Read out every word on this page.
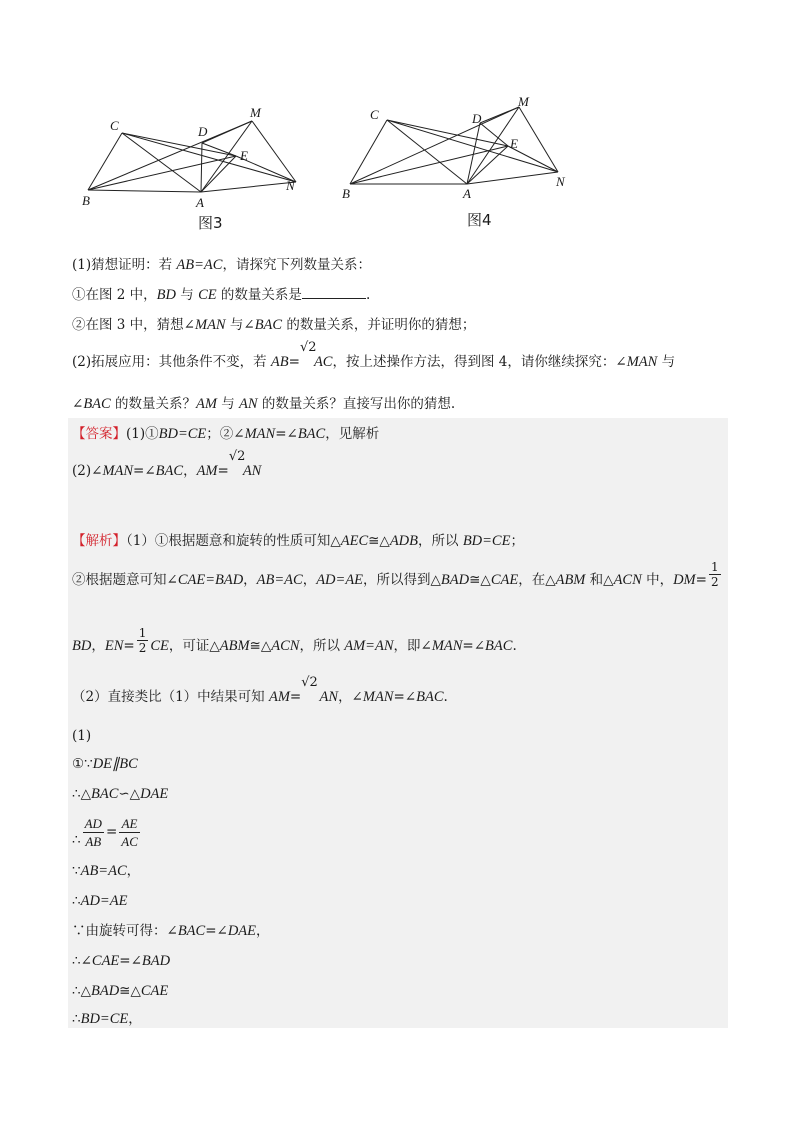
C	D
M
E
N
B	A
图3
C	D
M
E
N
B	A
图4
(1)猜想证明：若 AB=AC，请探究下列数量关系：
①在图 2 中，BD 与 CE 的数量关系是	.
②在图 3 中，猜想∠MAN 与∠BAC 的数量关系，并证明你的猜想；
(2)拓展应用：其他条件不变，若 AB=
√2
AC，按上述操作方法，得到图 4，请你继续探究：∠MAN 与
∠BAC 的数量关系？AM 与 AN 的数量关系？直接写出你的猜想.
【答案】(1)①BD=CE；②∠MAN=∠BAC，见解析
(2)∠MAN=∠BAC，AM=
√2
AN
【解析】（1）①根据题意和旋转的性质可知△AEC≅△ADB，所以 BD=CE；
②根据题意可知∠CAE=BAD，AB=AC，AD=AE，所以得到△BAD≅△CAE，在△ABM 和△ACN 中，$DM= \frac{1}{2}$
BD，$EN= \frac{1}{2}$ CE，可证△ABM≅△ACN，所以 AM=AN，即∠MAN=∠BAC.
（2）直接类比（1）中结果可知 AM=
√2
AN，∠MAN=∠BAC.
(1)
①∵DE∥BC
∴△BAC∽△DAE
∴ $\frac{AD}{AB} = \frac{AE}{AC}$
∵AB=AC，
∴AD=AE
∵由旋转可得：∠BAC=∠DAE，
∴∠CAE=∠BAD
∴△BAD≅△CAE
∴BD=CE，
